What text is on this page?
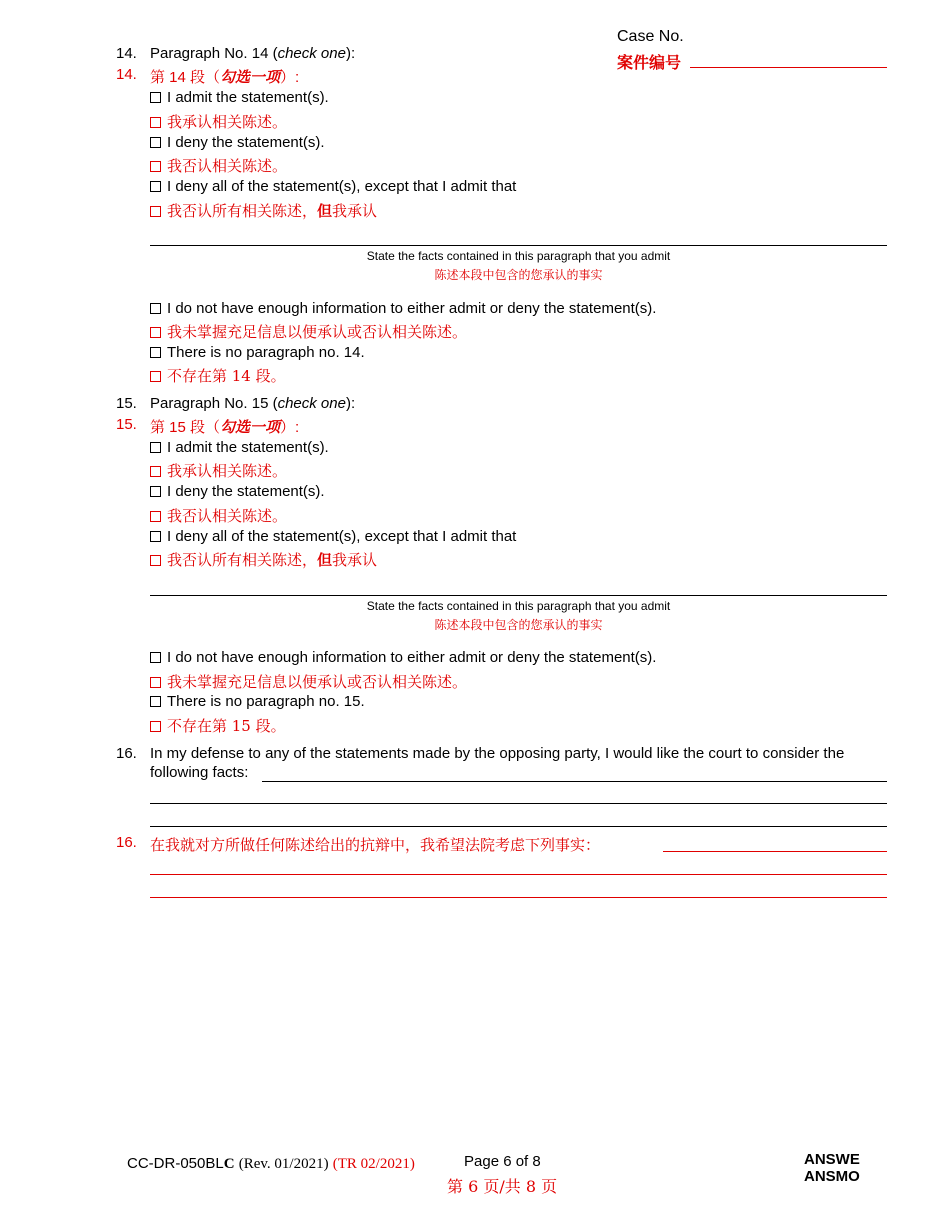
Case No.
案件编号
14. Paragraph No. 14 (check one):
14. 第 14 段（勾选一项）:
I admit the statement(s).
我承认相关陈述。
I deny the statement(s).
我否认相关陈述。
I deny all of the statement(s), except that I admit that
我否认所有相关陈述，但我承认
State the facts contained in this paragraph that you admit
陈述本段中包含的您承认的事实
I do not have enough information to either admit or deny the statement(s).
我未掌握充足信息以便承认或否认相关陈述。
There is no paragraph no. 14.
不存在第 14 段。
15. Paragraph No. 15 (check one):
15. 第 15 段（勾选一项）:
I admit the statement(s).
我承认相关陈述。
I deny the statement(s).
我否认相关陈述。
I deny all of the statement(s), except that I admit that
我否认所有相关陈述，但我承认
State the facts contained in this paragraph that you admit
陈述本段中包含的您承认的事实
I do not have enough information to either admit or deny the statement(s).
我未掌握充足信息以便承认或否认相关陈述。
There is no paragraph no. 15.
不存在第 15 段。
16. In my defense to any of the statements made by the opposing party, I would like the court to consider the
following facts:
16. 在我就对方所做任何陈述给出的抗辩中，我希望法院考虑下列事实：
CC-DR-050BLC (Rev. 01/2021) (TR 02/2021)	Page 6 of 8
第 6 页/共 8 页
ANSWE
ANSMO
